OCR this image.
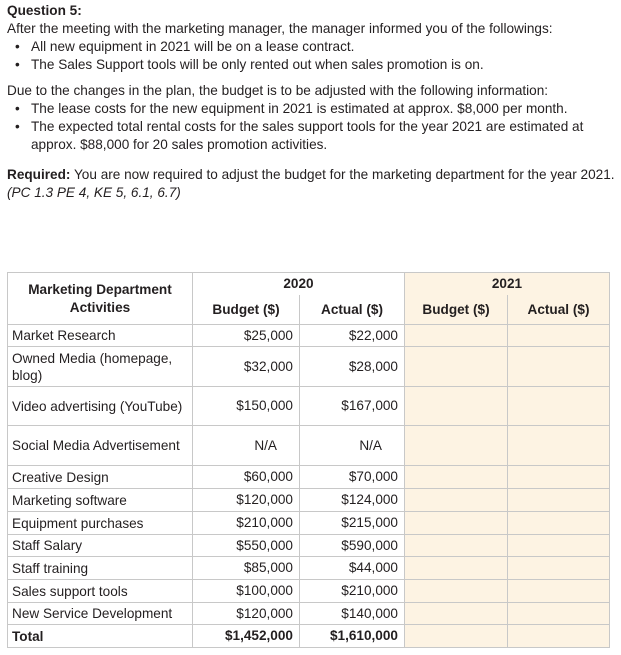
Question 5:

After the meeting with the marketing manager, the manager informed you of the followings:

• All new equipment in 2021 will be on a lease contract.
• The Sales Support tools will be only rented out when sales promotion is on.

Due to the changes in the plan, the budget is to be adjusted with the following information:

• The lease costs for the new equipment in 2021 is estimated at approx. $8,000 per month.
• The expected total rental costs for the sales support tools for the year 2021 are estimated at approx. $88,000 for 20 sales promotion activities.

Required: You are now required to adjust the budget for the marketing department for the year 2021. (PC 1.3 PE 4, KE 5, 6.1, 6.7)

Marketing Department Activities	2020		2021	
	Budget ($)	Actual ($)	Budget ($)	Actual ($)
Market Research	$25,000	$22,000		
Owned Media (homepage, blog)	$32,000	$28,000		
Video advertising (YouTube)	$150,000	$167,000		
Social Media Advertisement	N/A	N/A		
Creative Design	$60,000	$70,000		
Marketing software	$120,000	$124,000		
Equipment purchases	$210,000	$215,000		
Staff Salary	$550,000	$590,000		
Staff training	$85,000	$44,000		
Sales support tools	$100,000	$210,000		
New Service Development	$120,000	$140,000		
Total	$1,452,000	$1,610,000		
